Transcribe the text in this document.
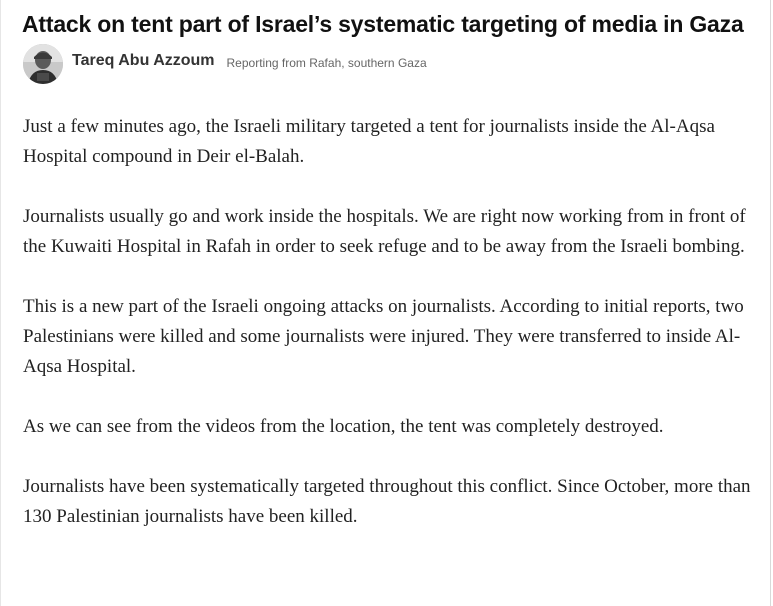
Attack on tent part of Israel’s systematic targeting of media in Gaza
Tareq Abu Azzoum Reporting from Rafah, southern Gaza

Just a few minutes ago, the Israeli military targeted a tent for journalists inside the Al-Aqsa Hospital compound in Deir el-Balah.

Journalists usually go and work inside the hospitals. We are right now working from in front of the Kuwaiti Hospital in Rafah in order to seek refuge and to be away from the Israeli bombing.

This is a new part of the Israeli ongoing attacks on journalists. According to initial reports, two Palestinians were killed and some journalists were injured. They were transferred to inside Al-Aqsa Hospital.

As we can see from the videos from the location, the tent was completely destroyed.

Journalists have been systematically targeted throughout this conflict. Since October, more than 130 Palestinian journalists have been killed.
